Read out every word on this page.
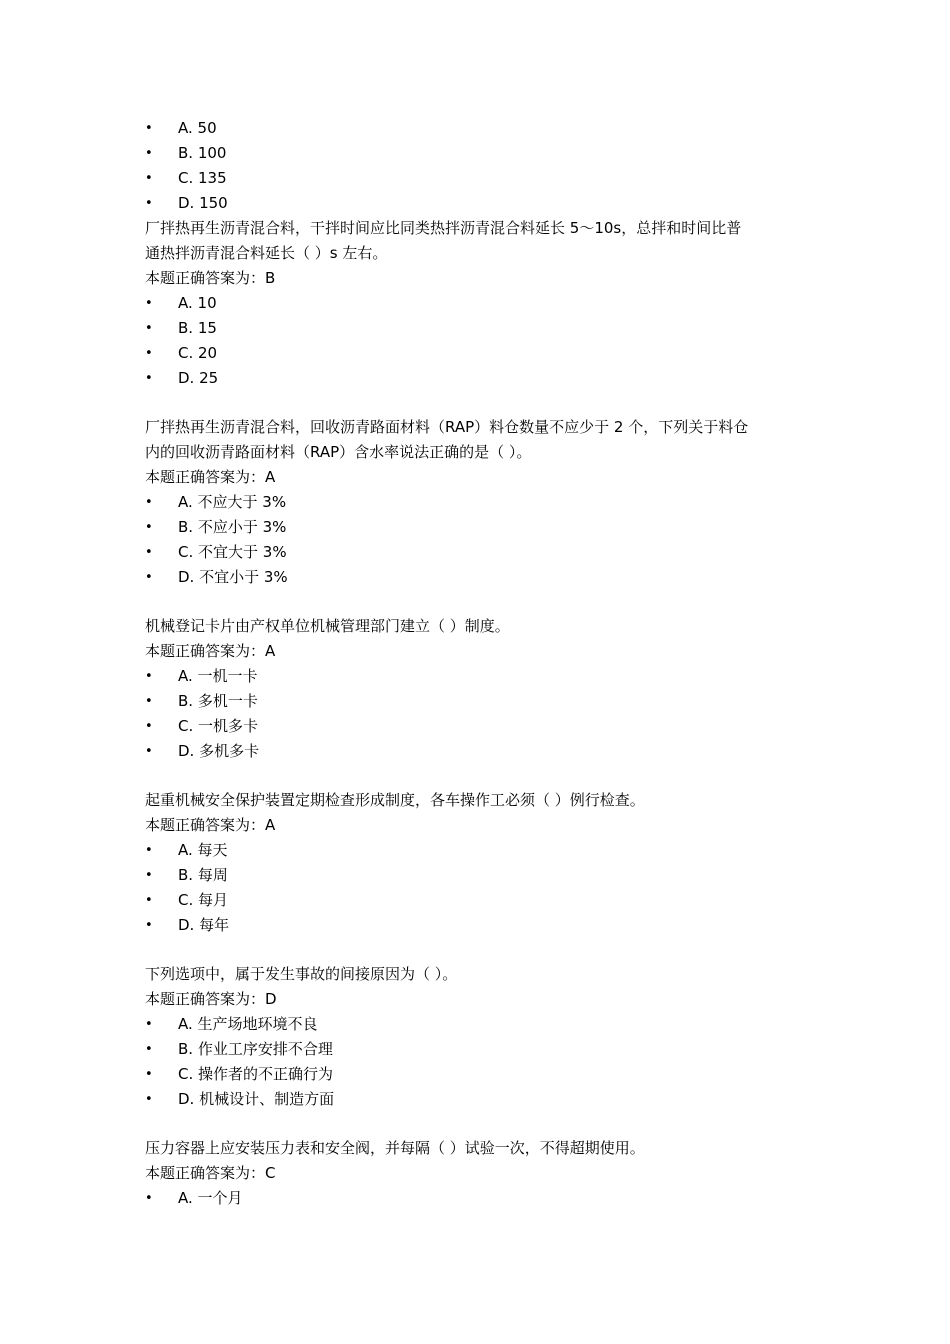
• A. 50
• B. 100
• C. 135
• D. 150
厂拌热再生沥青混合料，干拌时间应比同类热拌沥青混合料延长 5～10s，总拌和时间比普
通热拌沥青混合料延长（ ）s 左右。
本题正确答案为：B
• A. 10
• B. 15
• C. 20
• D. 25
厂拌热再生沥青混合料，回收沥青路面材料（RAP）料仓数量不应少于 2 个，下列关于料仓
内的回收沥青路面材料（RAP）含水率说法正确的是（ ）。
本题正确答案为：A
• A. 不应大于 3%
• B. 不应小于 3%
• C. 不宜大于 3%
• D. 不宜小于 3%
机械登记卡片由产权单位机械管理部门建立（ ）制度。
本题正确答案为：A
• A. 一机一卡
• B. 多机一卡
• C. 一机多卡
• D. 多机多卡
起重机械安全保护装置定期检查形成制度，各车操作工必须（ ）例行检查。
本题正确答案为：A
• A. 每天
• B. 每周
• C. 每月
• D. 每年
下列选项中，属于发生事故的间接原因为（ ）。
本题正确答案为：D
• A. 生产场地环境不良
• B. 作业工序安排不合理
• C. 操作者的不正确行为
• D. 机械设计、制造方面
压力容器上应安装压力表和安全阀，并每隔（ ）试验一次，不得超期使用。
本题正确答案为：C
• A. 一个月
